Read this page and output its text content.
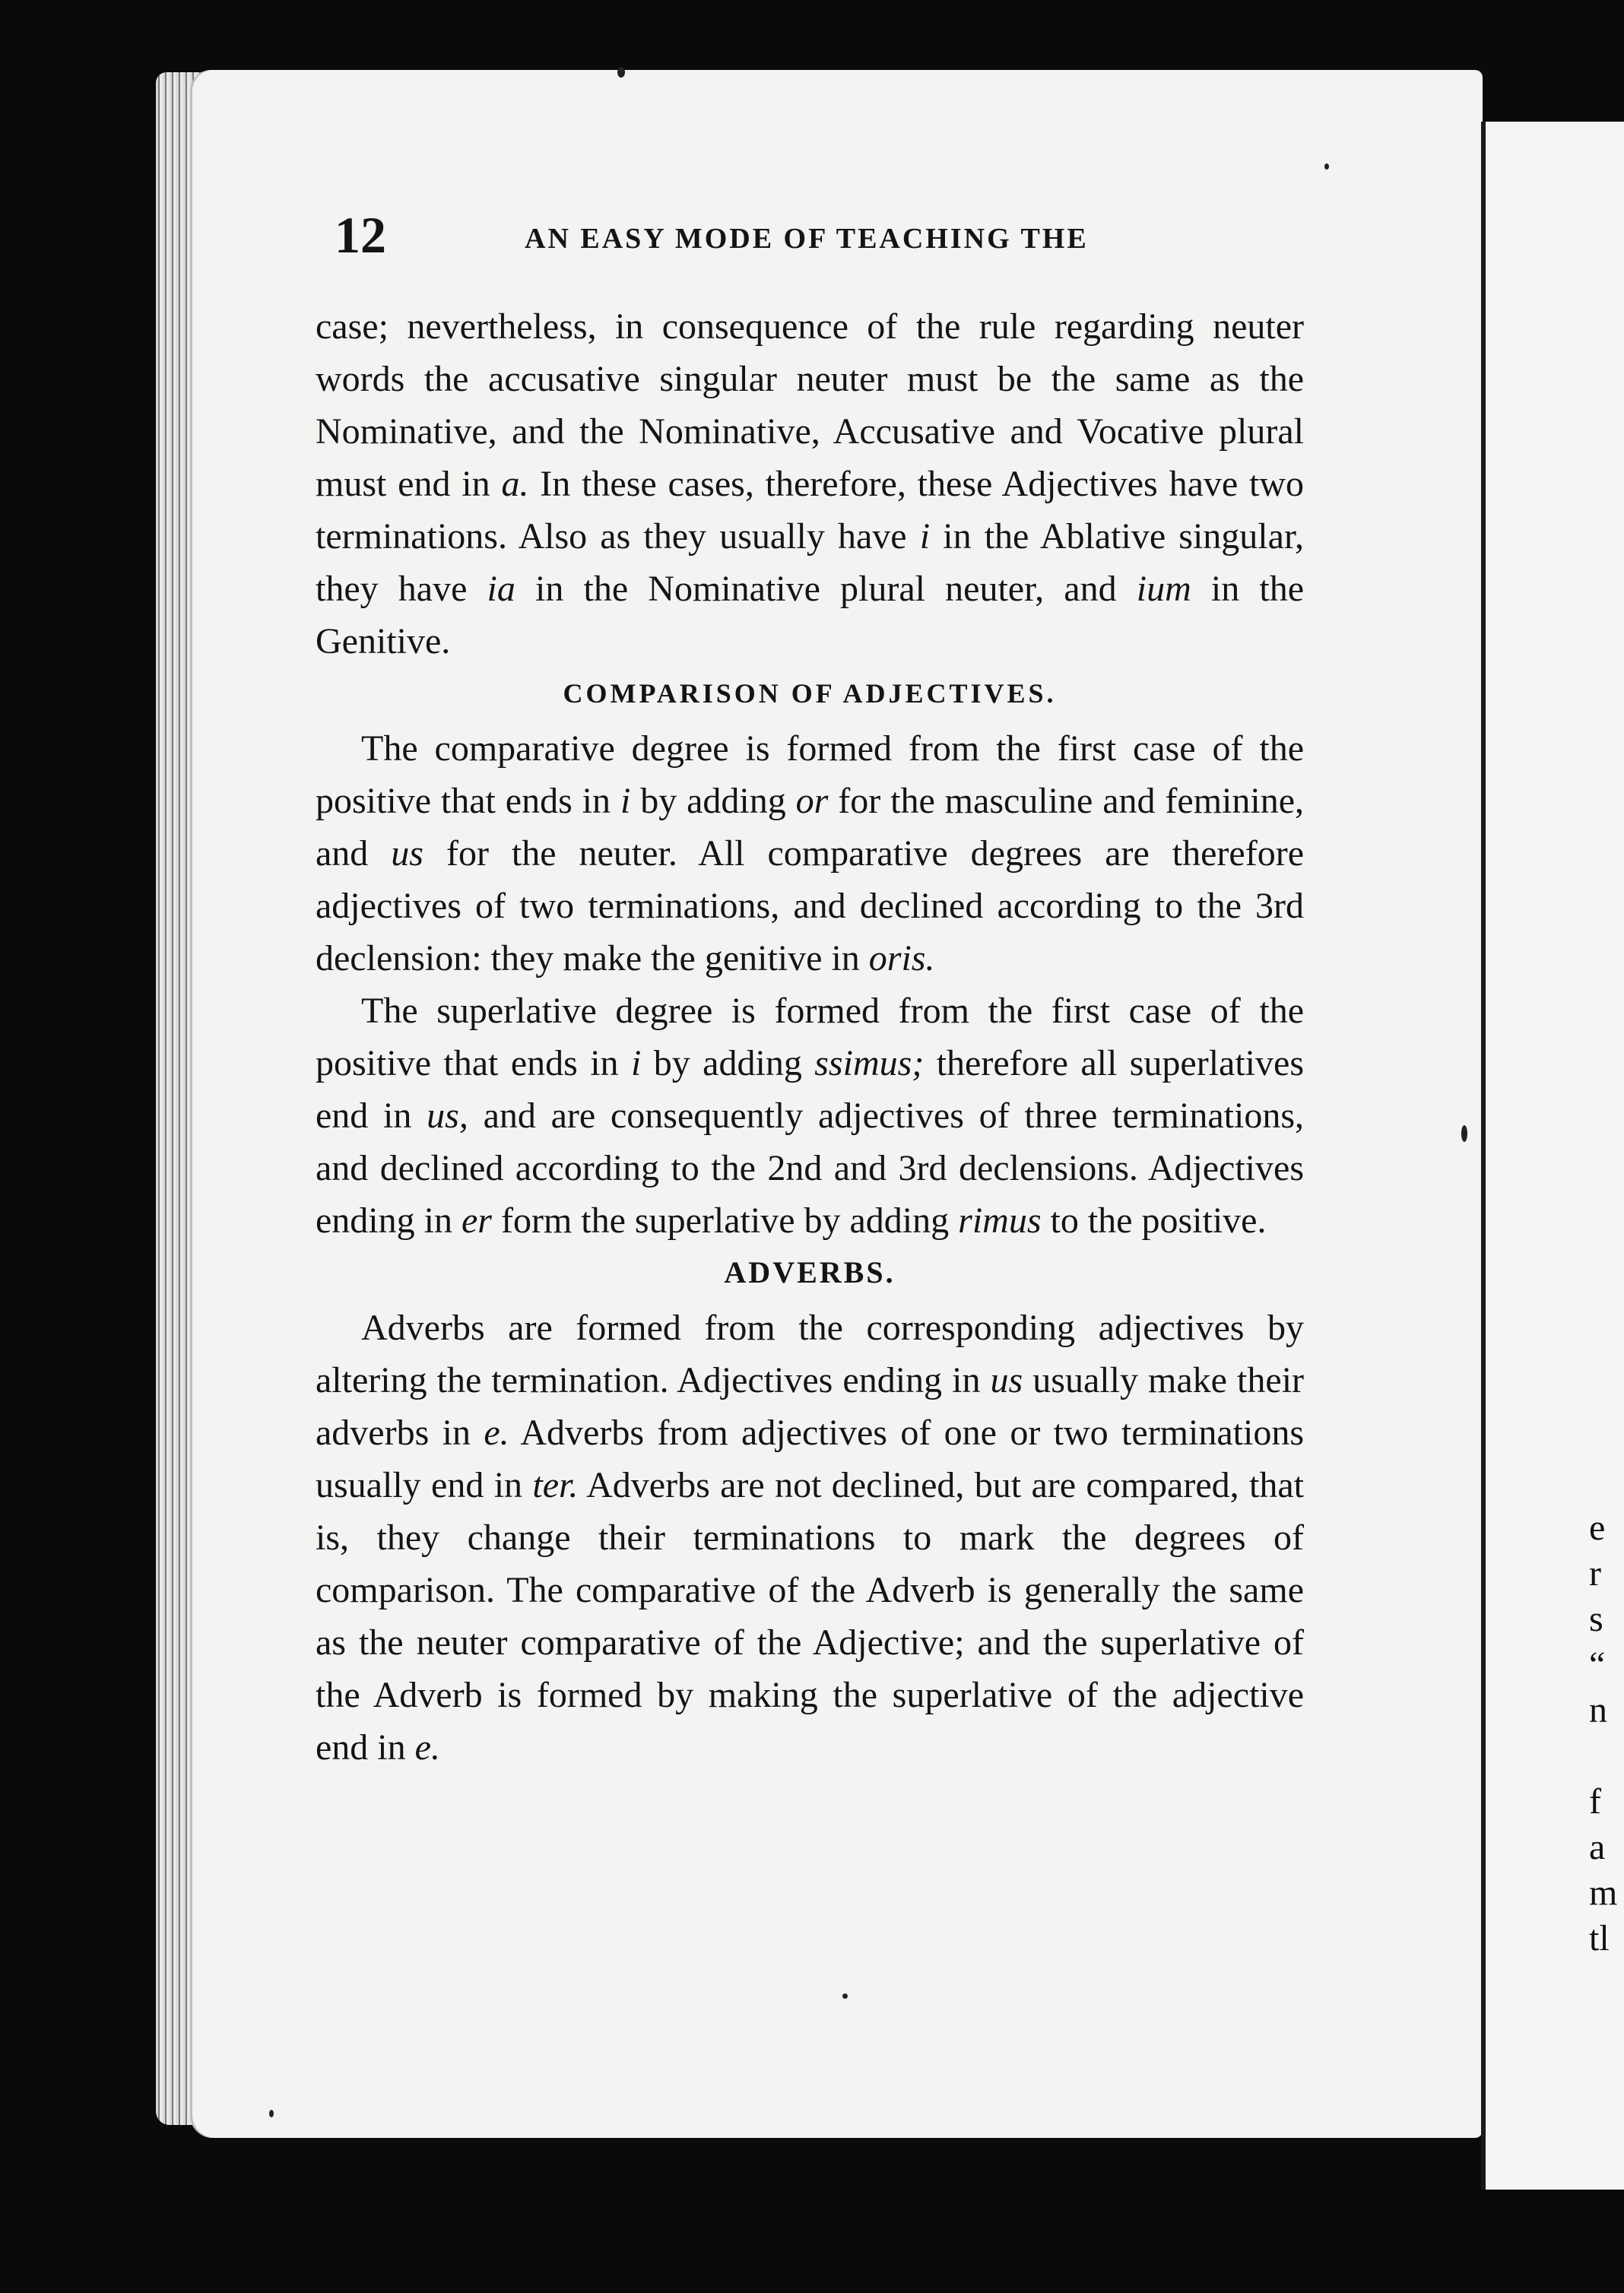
e
r
s
“
n

f
a
m
tl
12	AN EASY MODE OF TEACHING THE

case; nevertheless, in consequence of the rule regarding neuter words the accusative singular neuter must be the same as the Nominative, and the Nominative, Accusative and Vocative plural must end in a. In these cases, therefore, these Adjectives have two terminations. Also as they usually have i in the Ablative singular, they have ia in the Nominative plural neuter, and ium in the Genitive.

COMPARISON OF ADJECTIVES.

The comparative degree is formed from the first case of the positive that ends in i by adding or for the masculine and feminine, and us for the neuter. All comparative degrees are therefore adjectives of two terminations, and declined according to the 3rd declension: they make the genitive in oris.

The superlative degree is formed from the first case of the positive that ends in i by adding ssimus; therefore all superlatives end in us, and are consequently adjectives of three terminations, and declined according to the 2nd and 3rd declensions. Adjectives ending in er form the superlative by adding rimus to the positive.

ADVERBS.

Adverbs are formed from the corresponding adjectives by altering the termination. Adjectives ending in us usually make their adverbs in e. Adverbs from adjectives of one or two terminations usually end in ter. Adverbs are not declined, but are compared, that is, they change their terminations to mark the degrees of comparison. The comparative of the Adverb is generally the same as the neuter comparative of the Adjective; and the superlative of the Adverb is formed by making the superlative of the adjective end in e.
